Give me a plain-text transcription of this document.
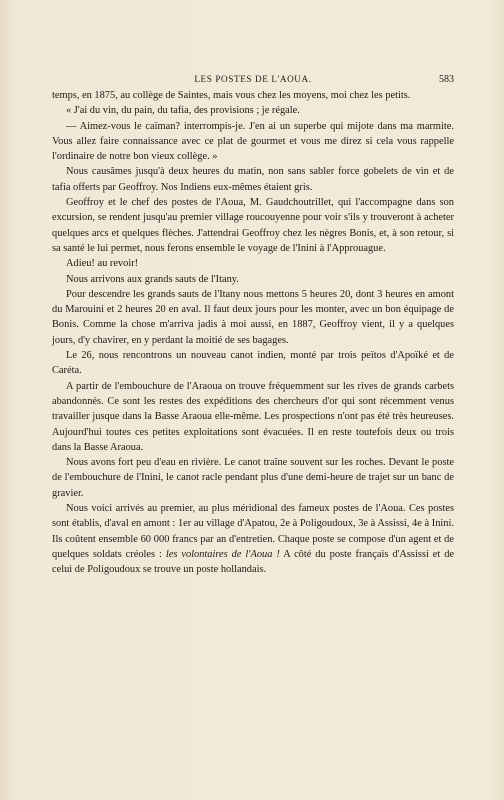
LES POSTES DE L'AOUA.	583

temps, en 1875, au collège de Saintes, mais vous chez les moyens, moi chez les petits.

« J'ai du vin, du pain, du tafia, des provisions ; je régale.

— Aimez-vous le caïman? interrompis-je. J'en ai un superbe qui mijote dans ma marmite. Vous allez faire connaissance avec ce plat de gourmet et vous me direz si cela vous rappelle l'ordinaire de notre bon vieux collège. »

Nous causâmes jusqu'à deux heures du matin, non sans sabler force gobelets de vin et de tafia offerts par Geoffroy. Nos Indiens eux-mêmes étaient gris.

Geoffroy et le chef des postes de l'Aoua, M. Gaudchoutrillet, qui l'accompagne dans son excursion, se rendent jusqu'au premier village roucouyenne pour voir s'ils y trouveront à acheter quelques arcs et quelques flèches. J'attendrai Geoffroy chez les nègres Bonis, et, à son retour, si sa santé le lui permet, nous ferons ensemble le voyage de l'Inini à l'Approuague.

Adieu! au revoir!

Nous arrivons aux grands sauts de l'Itany.

Pour descendre les grands sauts de l'Itany nous mettons 5 heures 20, dont 3 heures en amont du Marouini et 2 heures 20 en aval. Il faut deux jours pour les monter, avec un bon équipage de Bonis. Comme la chose m'arriva jadis à moi aussi, en 1887, Geoffroy vient, il y a quelques jours, d'y chavirer, en y perdant la moitié de ses bagages.

Le 26, nous rencontrons un nouveau canot indien, monté par trois peïtos d'Apoïké et de Caréta.

A partir de l'embouchure de l'Araoua on trouve fréquemment sur les rives de grands carbets abandonnés. Ce sont les restes des expéditions des chercheurs d'or qui sont récemment venus travailler jusque dans la Basse Araoua elle-même. Les prospections n'ont pas été très heureuses. Aujourd'hui toutes ces petites exploitations sont évacuées. Il en reste toutefois deux ou trois dans la Basse Araoua.

Nous avons fort peu d'eau en rivière. Le canot traîne souvent sur les roches. Devant le poste de l'embouchure de l'Inini, le canot racle pendant plus d'une demi-heure de trajet sur un banc de gravier.

Nous voici arrivés au premier, au plus méridional des fameux postes de l'Aoua. Ces postes sont établis, d'aval en amont : 1er au village d'Apatou, 2e à Poligoudoux, 3e à Assissi, 4e à Inini. Ils coûtent ensemble 60 000 francs par an d'entretien. Chaque poste se compose d'un agent et de quelques soldats créoles : les volontaires de l'Aoua ! A côté du poste français d'Assissi et de celui de Poligoudoux se trouve un poste hollandais.
